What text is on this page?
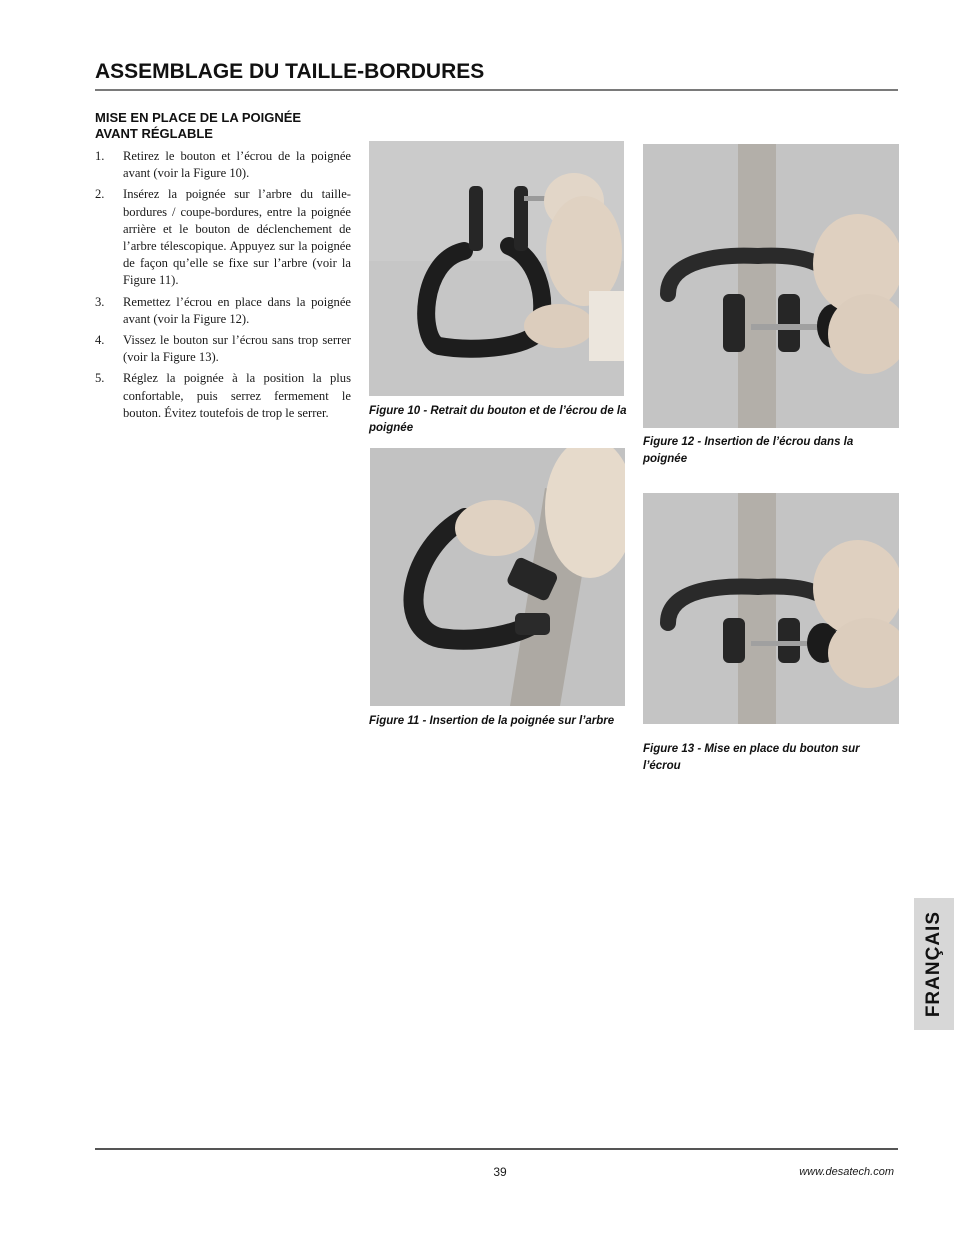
ASSEMBLAGE DU TAILLE-BORDURES
MISE EN PLACE DE LA POIGNÉE
AVANT RÉGLABLE
1. Retirez le bouton et l’écrou de la poignée avant (voir la Figure 10).
2. Insérez la poignée sur l’arbre du taille-bordures / coupe-bordures, entre la poignée arrière et le bouton de déclenchement de l’arbre télescopique. Appuyez sur la poignée de façon qu’elle se fixe sur l’arbre (voir la Figure 11).
3. Remettez l’écrou en place dans la poignée avant (voir la Figure 12).
4. Vissez le bouton sur l’écrou sans trop serrer (voir la Figure 13).
5. Réglez la poignée à la position la plus confortable, puis serrez fermement le bouton. Évitez toutefois de trop le serrer.	Figure 10 - Retrait du bouton et de l’écrou de la poignée

Figure 11 - Insertion de la poignée sur l’arbre

Figure 12 - Insertion de l’écrou dans la poignée

Figure 13 - Mise en place du bouton sur l’écrou

FRANÇAIS
39	www.desatech.com
